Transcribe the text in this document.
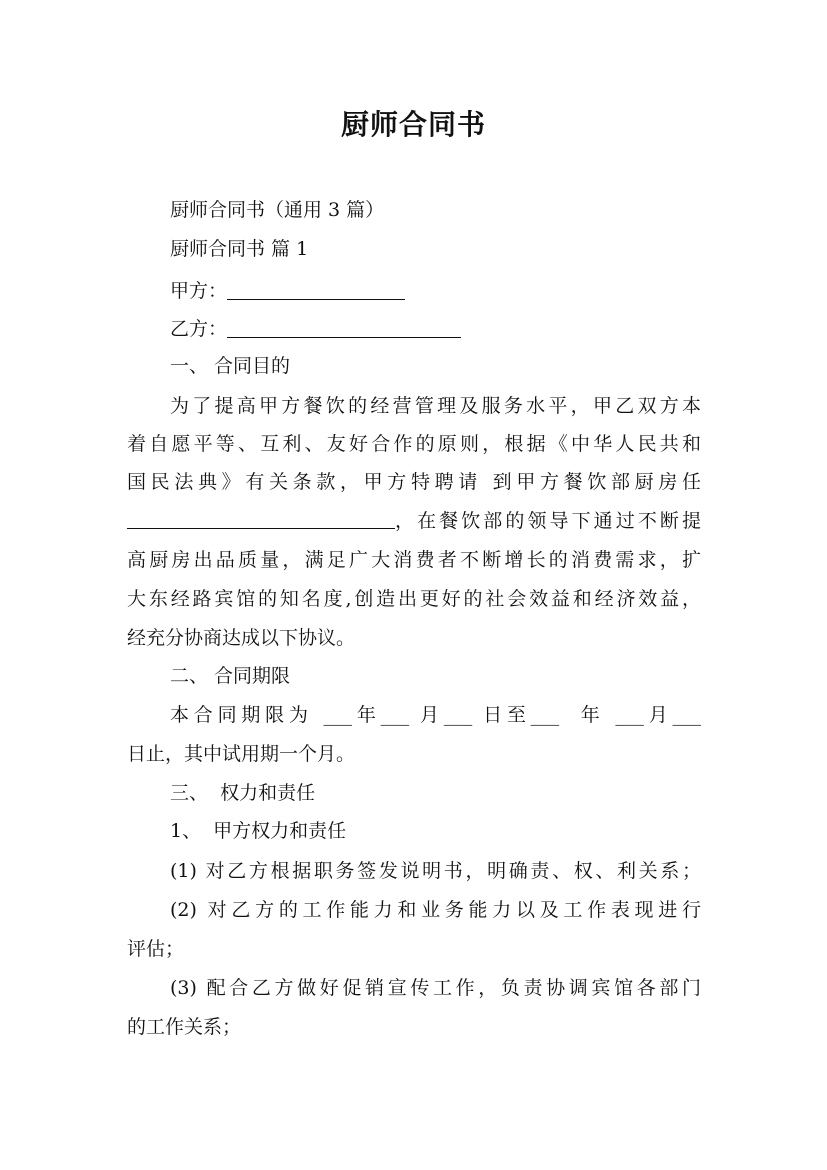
厨师合同书
厨师合同书（通用 3 篇）
厨师合同书 篇 1
甲方：
乙方：
一、 合同目的
为了提高甲方餐饮的经营管理及服务水平，甲乙双方本
着自愿平等、互利、友好合作的原则，根据《中华人民共和
国民法典》有关条款，甲方特聘请 到甲方餐饮部厨房任
，在餐饮部的领导下通过不断提
高厨房出品质量，满足广大消费者不断增长的消费需求，扩
大东经路宾馆的知名度,创造出更好的社会效益和经济效益，
经充分协商达成以下协议。
二、 合同期限
本合同期限为 ___年___ 月___ 日至___  年 ___月___
日止，其中试用期一个月。
三、  权力和责任
1、  甲方权力和责任
(1) 对乙方根据职务签发说明书，明确责、权、利关系；
(2) 对乙方的工作能力和业务能力以及工作表现进行
评估；
(3) 配合乙方做好促销宣传工作，负责协调宾馆各部门
的工作关系；
